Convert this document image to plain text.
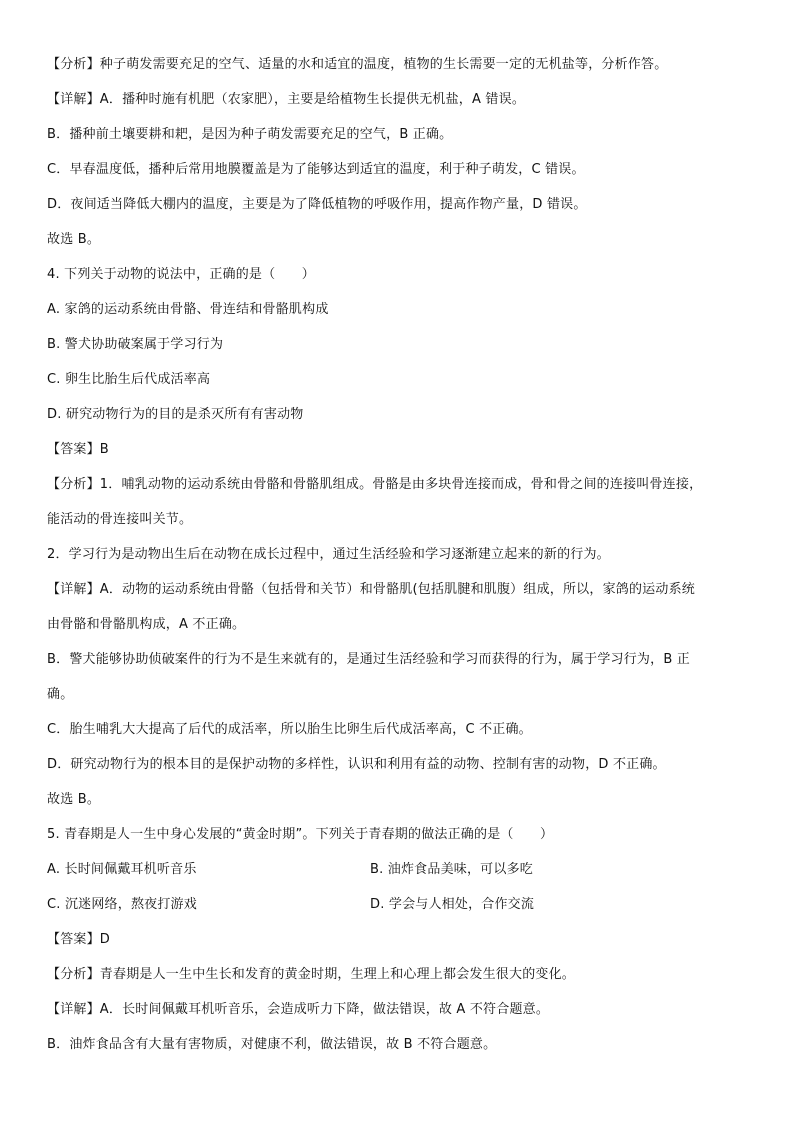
【分析】种子萌发需要充足的空气、适量的水和适宜的温度，植物的生长需要一定的无机盐等，分析作答。
【详解】A．播种时施有机肥（农家肥），主要是给植物生长提供无机盐，A 错误。
B．播种前土壤要耕和耙，是因为种子萌发需要充足的空气，B 正确。
C．早春温度低，播种后常用地膜覆盖是为了能够达到适宜的温度，利于种子萌发，C 错误。
D．夜间适当降低大棚内的温度，主要是为了降低植物的呼吸作用，提高作物产量，D 错误。
故选 B。
4. 下列关于动物的说法中，正确的是（　　）
A. 家鸽的运动系统由骨骼、骨连结和骨骼肌构成
B. 警犬协助破案属于学习行为
C. 卵生比胎生后代成活率高
D. 研究动物行为的目的是杀灭所有有害动物
【答案】B
【分析】1．哺乳动物的运动系统由骨骼和骨骼肌组成。骨骼是由多块骨连接而成，骨和骨之间的连接叫骨连接，
能活动的骨连接叫关节。
2．学习行为是动物出生后在动物在成长过程中，通过生活经验和学习逐渐建立起来的新的行为。
【详解】A．动物的运动系统由骨骼（包括骨和关节）和骨骼肌(包括肌腱和肌腹）组成，所以，家鸽的运动系统
由骨骼和骨骼肌构成，A 不正确。
B．警犬能够协助侦破案件的行为不是生来就有的，是通过生活经验和学习而获得的行为，属于学习行为，B 正
确。
C．胎生哺乳大大提高了后代的成活率，所以胎生比卵生后代成活率高，C 不正确。
D．研究动物行为的根本目的是保护动物的多样性，认识和利用有益的动物、控制有害的动物，D 不正确。
故选 B。
5. 青春期是人一生中身心发展的“黄金时期”。下列关于青春期的做法正确的是（　　）
A. 长时间佩戴耳机听音乐	B. 油炸食品美味，可以多吃
C. 沉迷网络，熬夜打游戏	D. 学会与人相处，合作交流
【答案】D
【分析】青春期是人一生中生长和发育的黄金时期，生理上和心理上都会发生很大的变化。
【详解】A．长时间佩戴耳机听音乐，会造成听力下降，做法错误，故 A 不符合题意。
B．油炸食品含有大量有害物质，对健康不利，做法错误，故 B 不符合题意。
